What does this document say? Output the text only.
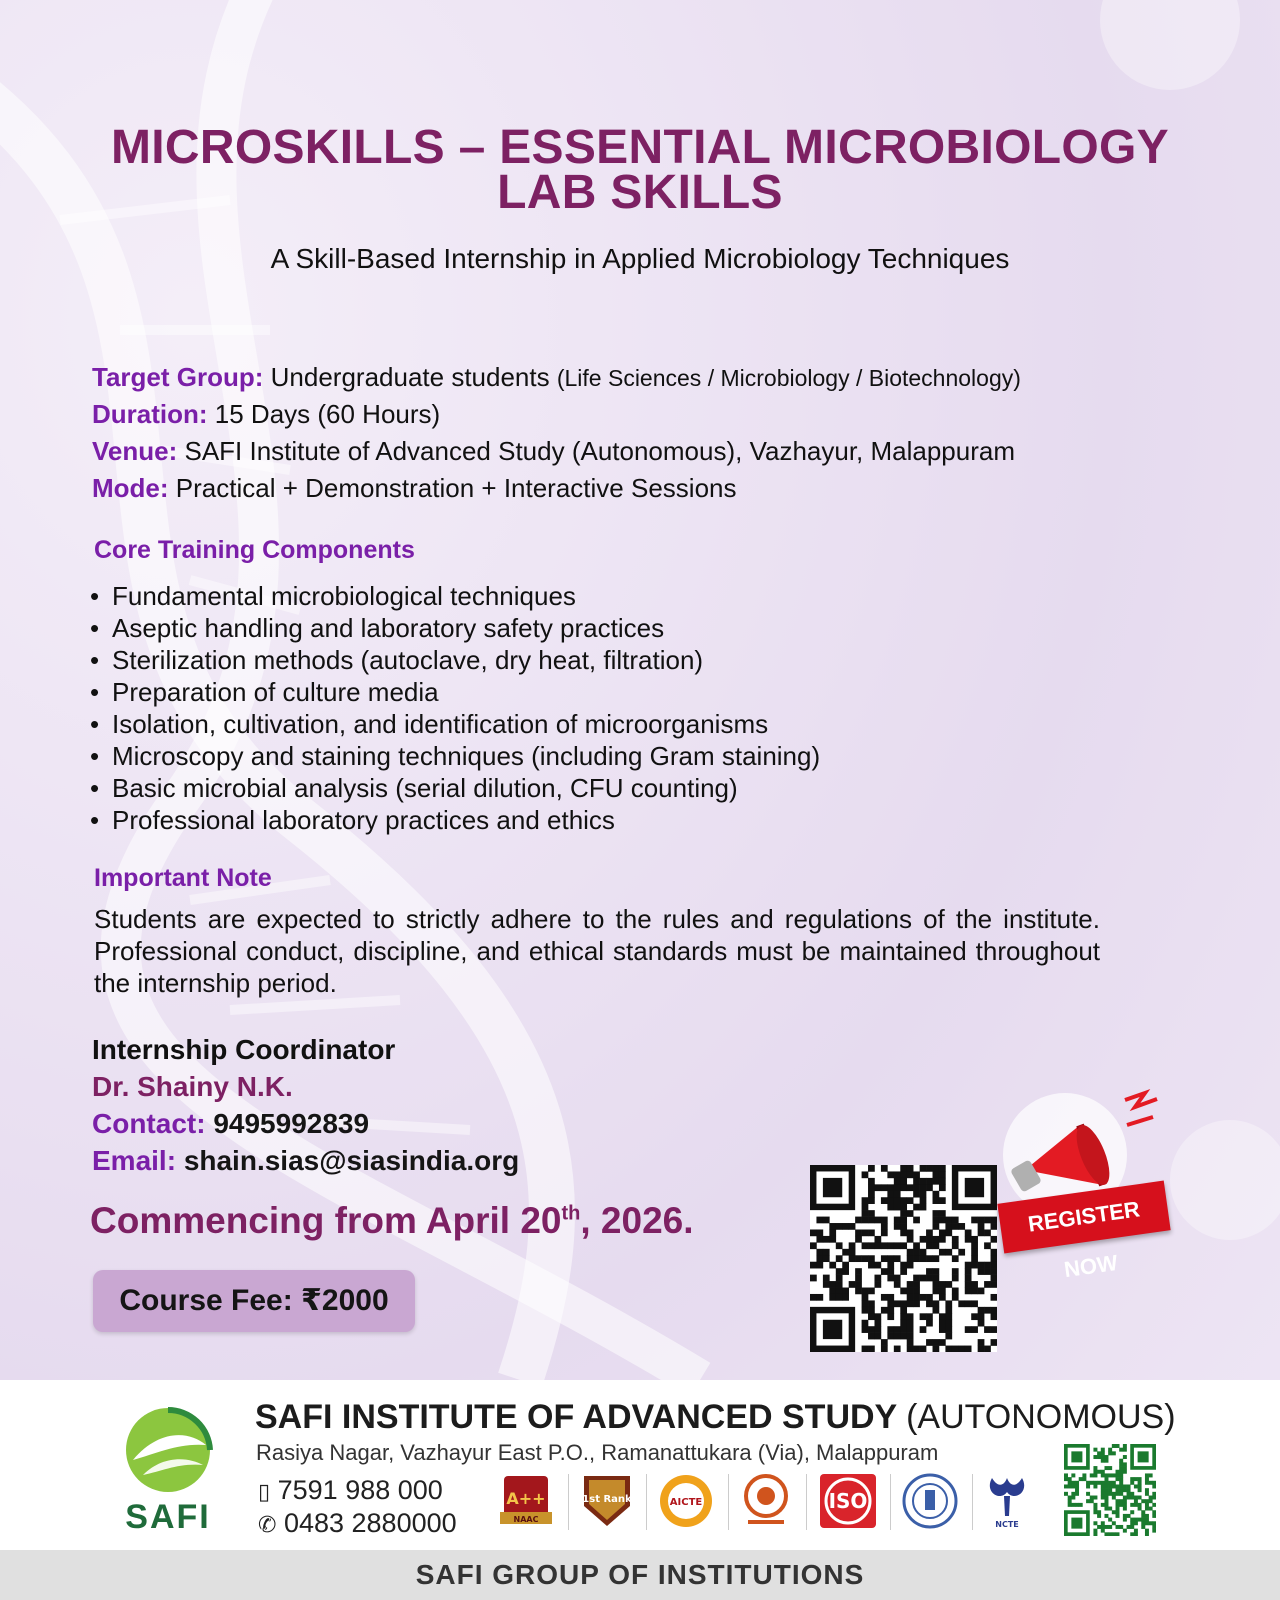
MICROSKILLS – ESSENTIAL MICROBIOLOGY
LAB SKILLS
A Skill-Based Internship in Applied Microbiology Techniques
Target Group: Undergraduate students (Life Sciences / Microbiology / Biotechnology)
Duration: 15 Days (60 Hours)
Venue: SAFI Institute of Advanced Study (Autonomous), Vazhayur, Malappuram
Mode: Practical + Demonstration + Interactive Sessions
Core Training Components
• Fundamental microbiological techniques
• Aseptic handling and laboratory safety practices
• Sterilization methods (autoclave, dry heat, filtration)
• Preparation of culture media
• Isolation, cultivation, and identification of microorganisms
• Microscopy and staining techniques (including Gram staining)
• Basic microbial analysis (serial dilution, CFU counting)
• Professional laboratory practices and ethics
Important Note
Students are expected to strictly adhere to the rules and regulations of the institute. Professional conduct, discipline, and ethical standards must be maintained throughout the internship period.
Internship Coordinator
Dr. Shainy N.K.
Contact: 9495992839
Email: shain.sias@siasindia.org
Commencing from April 20th, 2026.
Course Fee: ₹2000
REGISTER NOW
SAFI
SAFI INSTITUTE OF ADVANCED STUDY (AUTONOMOUS)
Rasiya Nagar, Vazhayur East P.O., Ramanattukara (Via), Malappuram
▯ 7591 988 000
✆ 0483 2880000
A++
NAAC
1st Rank	AICTE	ISO
NCTE
SAFI GROUP OF INSTITUTIONS
